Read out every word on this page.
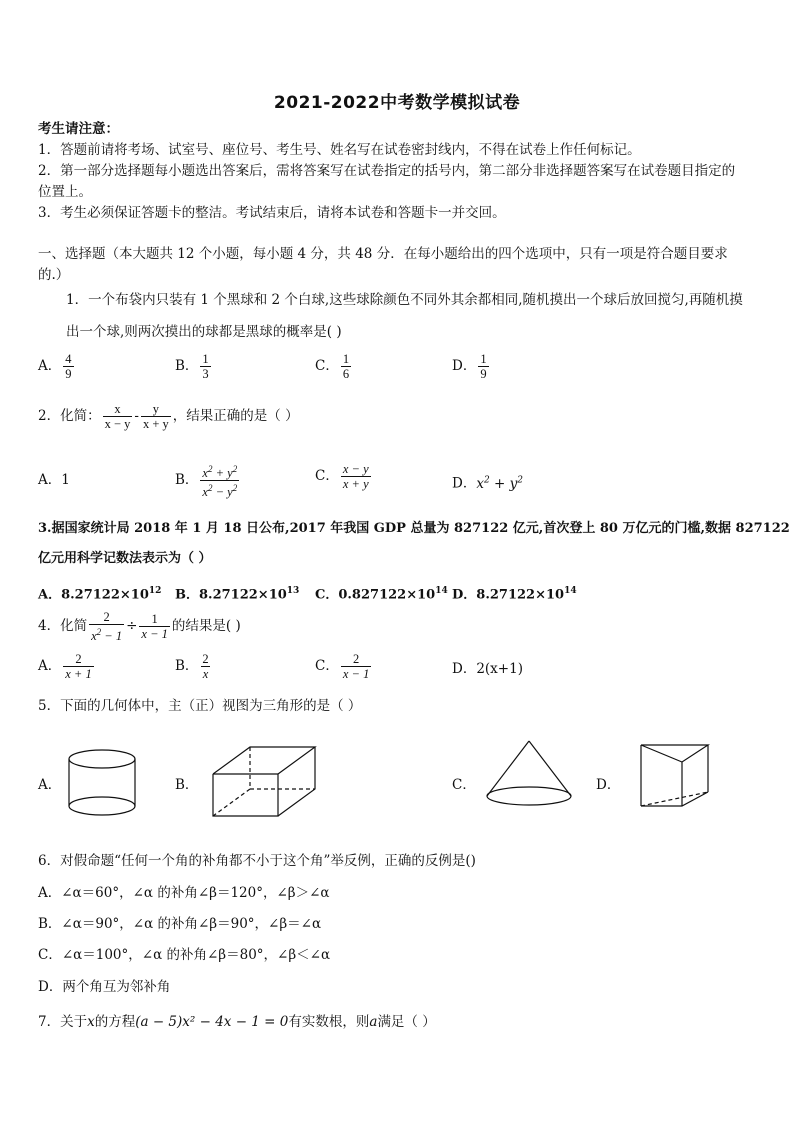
2021-2022中考数学模拟试卷
考生请注意：
1．答题前请将考场、试室号、座位号、考生号、姓名写在试卷密封线内，不得在试卷上作任何标记。
2．第一部分选择题每小题选出答案后，需将答案写在试卷指定的括号内，第二部分非选择题答案写在试卷题目指定的
位置上。
3．考生必须保证答题卡的整洁。考试结束后，请将本试卷和答题卡一并交回。
一、选择题（本大题共 12 个小题，每小题 4 分，共 48 分．在每小题给出的四个选项中，只有一项是符合题目要求
的.）
1．一个布袋内只装有 1 个黑球和 2 个白球,这些球除颜色不同外其余都相同,随机摸出一个球后放回搅匀,再随机摸
出一个球,则两次摸出的球都是黑球的概率是( )
A． $\frac{4}{9}$	B． $\frac{1}{3}$	C． $\frac{1}{6}$	D． $\frac{1}{9}$
2．化简： $\frac{x}{x - y} - \frac{y}{x + y}$ ，结果正确的是（ ）
A．1	B． $\frac{x^2 + y^2}{x^2 - y^2}$	C． $\frac{x - y}{x + y}$	D．$x^2 + y^2$
3.据国家统计局 2018 年 1 月 18 日公布,2017 年我国 GDP 总量为 827122 亿元,首次登上 80 万亿元的门槛,数据 827122
亿元用科学记数法表示为（ ）
A．$8.27122\times 10^{12}$ B．$8.27122\times 10^{13}$ C．$0.827122\times 10^{14}$ D．$8.27122\times 10^{14}$
4．化简 $\frac{2}{x^2 - 1} \div \frac{1}{x - 1}$ 的结果是( )
A． $\frac{2}{x + 1}$	B． $\frac{2}{x}$	C． $\frac{2}{x - 1}$	D．2(x+1)
5．下面的几何体中，主（正）视图为三角形的是（ ）
A．	B．	C．	D．
6．对假命题“任何一个角的补角都不小于这个角”举反例，正确的反例是()
A．∠α＝60°，∠α 的补角∠β＝120°，∠β＞∠α
B．∠α＝90°，∠α 的补角∠β＝90°，∠β＝∠α
C．∠α＝100°，∠α 的补角∠β＝80°，∠β＜∠α
D．两个角互为邻补角
7．关于x的方程(a − 5)x² − 4x − 1 = 0有实数根，则a满足（ ）
